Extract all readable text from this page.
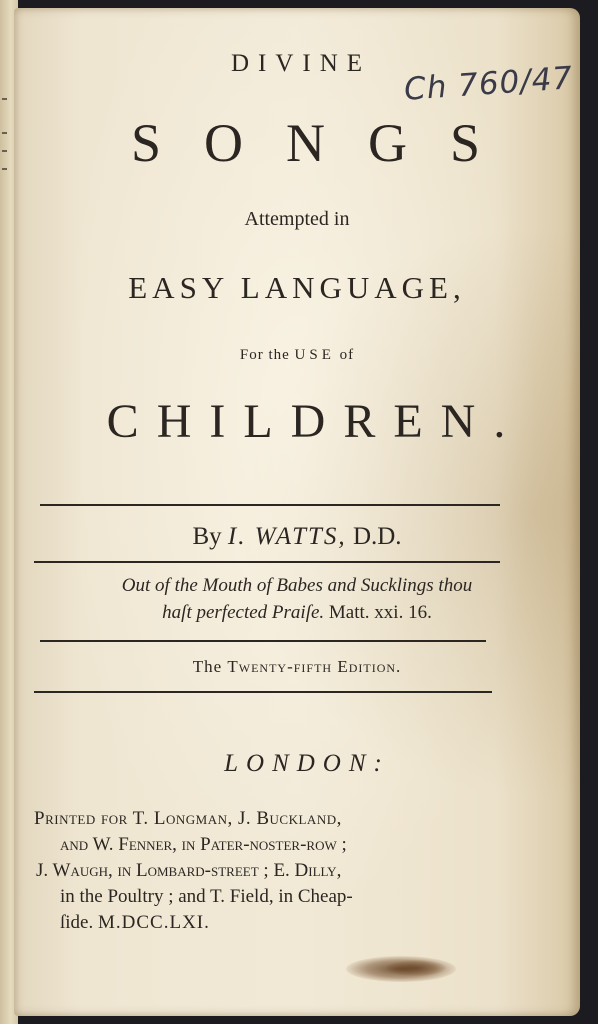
Ch 760/47
DIVINE
SONGS
Attempted in
EASY LANGUAGE,
For the USE of
CHILDREN.
By I. WATTS, D.D.
Out of the Mouth of Babes and Sucklings thou
haſt perfected Praiſe. Matt. xxi. 16.
The Twenty-fifth Edition.
LONDON:
Printed for T. Longman, J. Buckland,
and W. Fenner, in Pater-noſter-row ;
J. Waugh, in Lombard-ſtreet ; E. Dilly,
in the Poultry ; and T. Field, in Cheap-
ſide. M.DCC.LXI.
